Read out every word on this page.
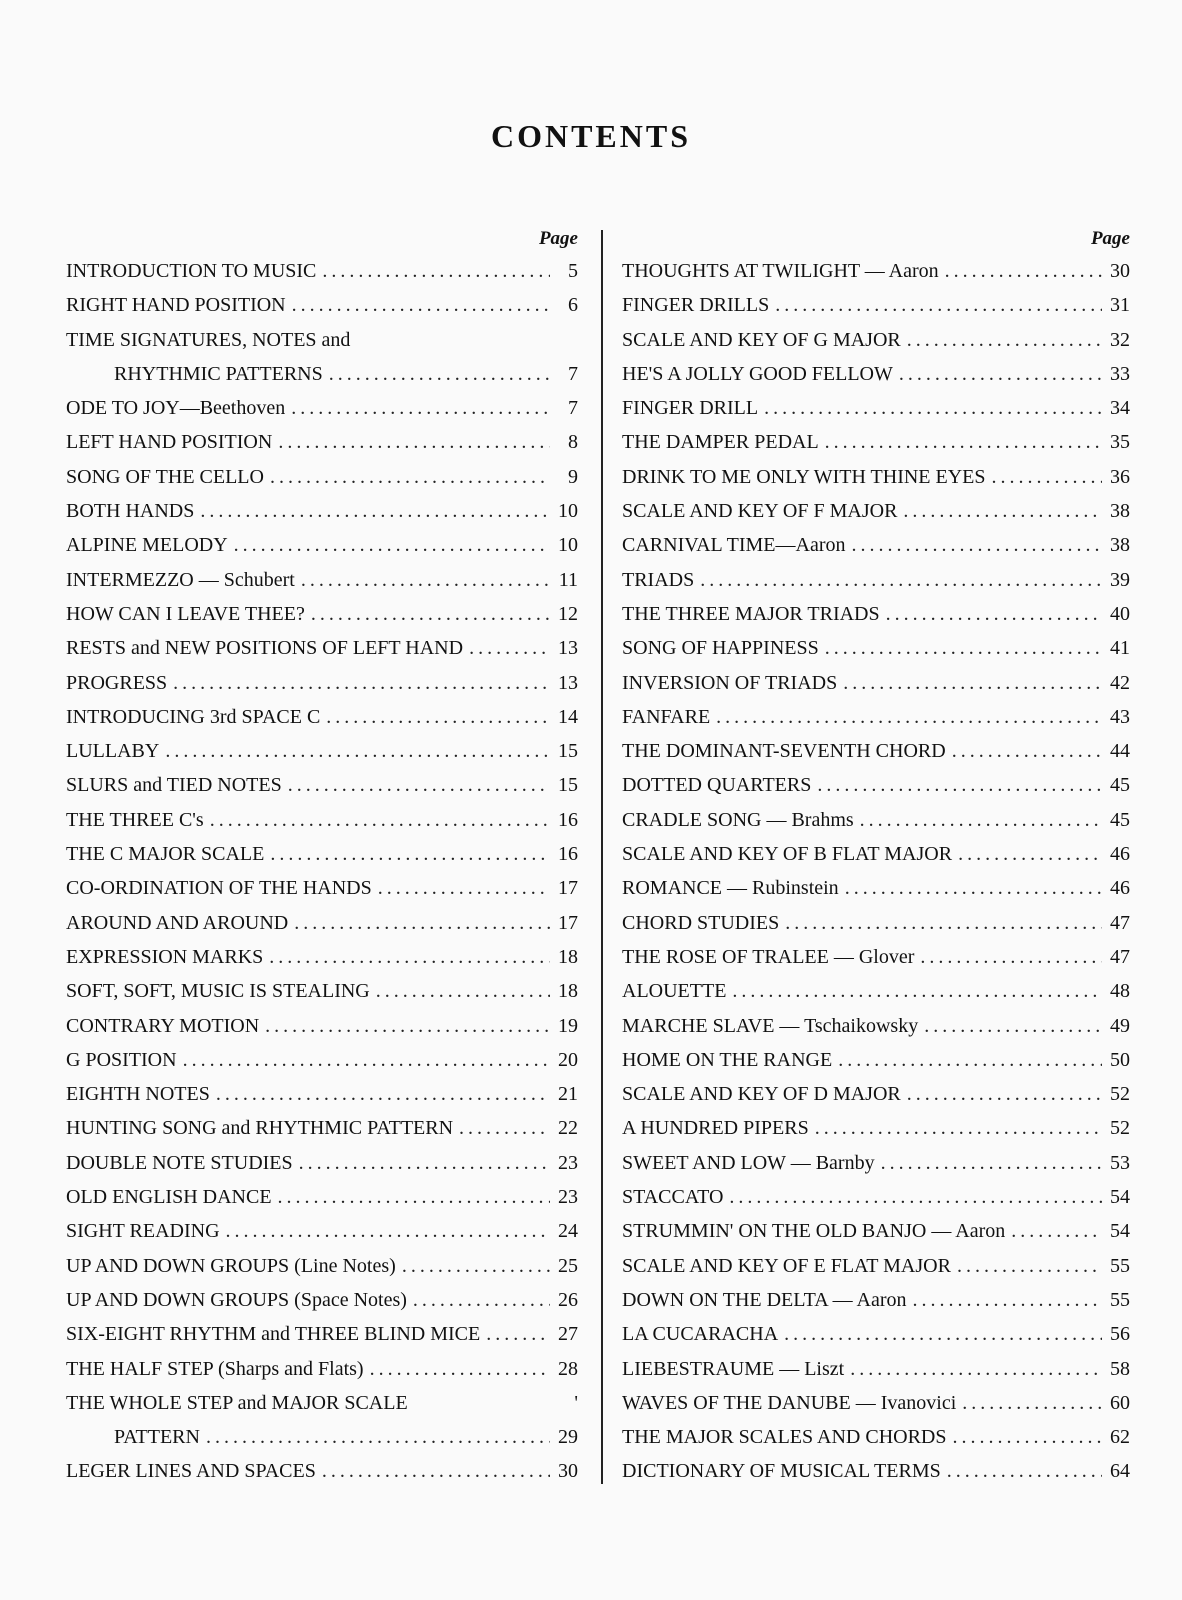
CONTENTS
Page
INTRODUCTION TO MUSIC .....	5
RIGHT HAND POSITION .....	6
TIME SIGNATURES, NOTES and
RHYTHMIC PATTERNS .....	7
ODE TO JOY—Beethoven .....	7
LEFT HAND POSITION .....	8
SONG OF THE CELLO .....	9
BOTH HANDS .....	10
ALPINE MELODY .....	10
INTERMEZZO — Schubert .....	11
HOW CAN I LEAVE THEE? .....	12
RESTS and NEW POSITIONS OF LEFT HAND .....	13
PROGRESS .....	13
INTRODUCING 3rd SPACE C .....	14
LULLABY .....	15
SLURS and TIED NOTES .....	15
THE THREE C's .....	16
THE C MAJOR SCALE .....	16
CO-ORDINATION OF THE HANDS .....	17
AROUND AND AROUND .....	17
EXPRESSION MARKS .....	18
SOFT, SOFT, MUSIC IS STEALING .....	18
CONTRARY MOTION .....	19
G POSITION .....	20
EIGHTH NOTES .....	21
HUNTING SONG and RHYTHMIC PATTERN .....	22
DOUBLE NOTE STUDIES .....	23
OLD ENGLISH DANCE .....	23
SIGHT READING .....	24
UP AND DOWN GROUPS (Line Notes) .....	25
UP AND DOWN GROUPS (Space Notes) .....	26
SIX-EIGHT RHYTHM and THREE BLIND MICE .....	27
THE HALF STEP (Sharps and Flats) .....	28
THE WHOLE STEP and MAJOR SCALE	'
PATTERN .....	29
LEGER LINES AND SPACES .....	30
Page
THOUGHTS AT TWILIGHT — Aaron .....	30
FINGER DRILLS .....	31
SCALE AND KEY OF G MAJOR .....	32
HE'S A JOLLY GOOD FELLOW .....	33
FINGER DRILL .....	34
THE DAMPER PEDAL .....	35
DRINK TO ME ONLY WITH THINE EYES .....	36
SCALE AND KEY OF F MAJOR .....	38
CARNIVAL TIME—Aaron .....	38
TRIADS .....	39
THE THREE MAJOR TRIADS .....	40
SONG OF HAPPINESS .....	41
INVERSION OF TRIADS .....	42
FANFARE .....	43
THE DOMINANT-SEVENTH CHORD .....	44
DOTTED QUARTERS .....	45
CRADLE SONG — Brahms .....	45
SCALE AND KEY OF B FLAT MAJOR .....	46
ROMANCE — Rubinstein .....	46
CHORD STUDIES .....	47
THE ROSE OF TRALEE — Glover .....	47
ALOUETTE .....	48
MARCHE SLAVE — Tschaikowsky .....	49
HOME ON THE RANGE .....	50
SCALE AND KEY OF D MAJOR .....	52
A HUNDRED PIPERS .....	52
SWEET AND LOW — Barnby .....	53
STACCATO .....	54
STRUMMIN' ON THE OLD BANJO — Aaron .....	54
SCALE AND KEY OF E FLAT MAJOR .....	55
DOWN ON THE DELTA — Aaron .....	55
LA CUCARACHA .....	56
LIEBESTRAUME — Liszt .....	58
WAVES OF THE DANUBE — Ivanovici .....	60
THE MAJOR SCALES AND CHORDS .....	62
DICTIONARY OF MUSICAL TERMS .....	64
